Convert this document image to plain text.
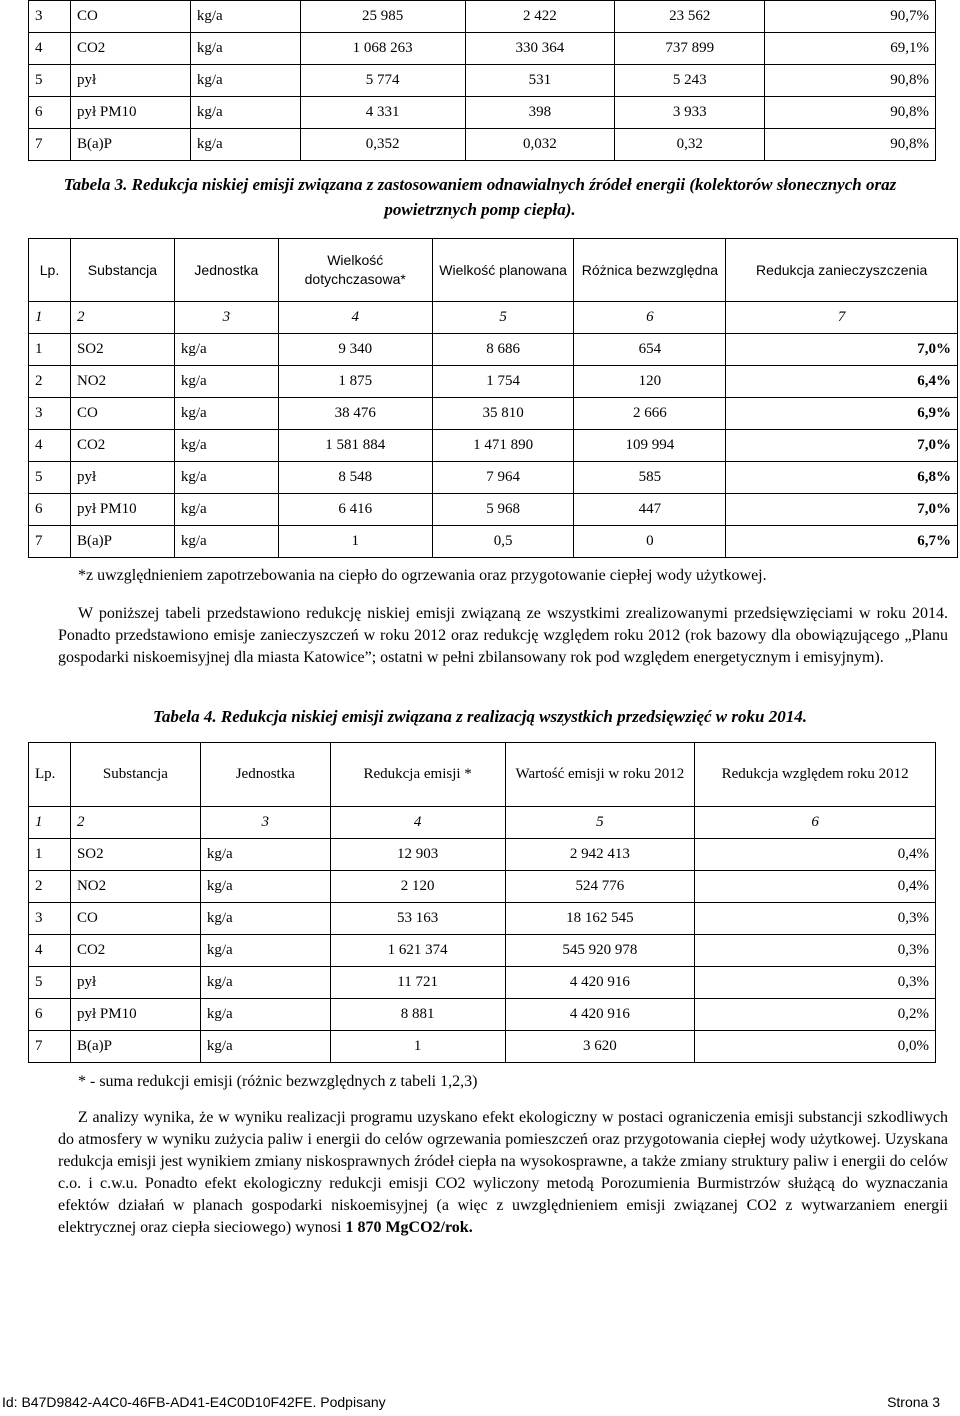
3	CO	kg/a	25 985	2 422	23 562	90,7%
4	CO2	kg/a	1 068 263	330 364	737 899	69,1%
5	pył	kg/a	5 774	531	5 243	90,8%
6	pył PM10	kg/a	4 331	398	3 933	90,8%
7	B(a)P	kg/a	0,352	0,032	0,32	90,8%
Tabela 3. Redukcja niskiej emisji związana z zastosowaniem odnawialnych źródeł energii (kolektorów słonecznych oraz powietrznych pomp ciepła).
Lp.	Substancja	Jednostka	Wielkość dotychczasowa*	Wielkość planowana	Różnica bezwzględna	Redukcja zanieczyszczenia
1	2	3	4	5	6	7
1	SO2	kg/a	9 340	8 686	654	7,0%
2	NO2	kg/a	1 875	1 754	120	6,4%
3	CO	kg/a	38 476	35 810	2 666	6,9%
4	CO2	kg/a	1 581 884	1 471 890	109 994	7,0%
5	pył	kg/a	8 548	7 964	585	6,8%
6	pył PM10	kg/a	6 416	5 968	447	7,0%
7	B(a)P	kg/a	1	0,5	0	6,7%
*z uwzględnieniem zapotrzebowania na ciepło do ogrzewania oraz przygotowanie ciepłej wody użytkowej.
W poniższej tabeli przedstawiono redukcję niskiej emisji związaną ze wszystkimi zrealizowanymi przedsięwzięciami w roku 2014. Ponadto przedstawiono emisje zanieczyszczeń w roku 2012 oraz redukcję względem roku 2012 (rok bazowy dla obowiązującego „Planu gospodarki niskoemisyjnej dla miasta Katowice”; ostatni w pełni zbilansowany rok pod względem energetycznym i emisyjnym).
Tabela 4. Redukcja niskiej emisji związana z realizacją wszystkich przedsięwzięć w roku 2014.
Lp.	Substancja	Jednostka	Redukcja emisji *	Wartość emisji w roku 2012	Redukcja względem roku 2012
1	2	3	4	5	6
1	SO2	kg/a	12 903	2 942 413	0,4%
2	NO2	kg/a	2 120	524 776	0,4%
3	CO	kg/a	53 163	18 162 545	0,3%
4	CO2	kg/a	1 621 374	545 920 978	0,3%
5	pył	kg/a	11 721	4 420 916	0,3%
6	pył PM10	kg/a	8 881	4 420 916	0,2%
7	B(a)P	kg/a	1	3 620	0,0%
* - suma redukcji emisji (różnic bezwzględnych z tabeli 1,2,3)
Z analizy wynika, że w wyniku realizacji programu uzyskano efekt ekologiczny w postaci ograniczenia emisji substancji szkodliwych do atmosfery w wyniku zużycia paliw i energii do celów ogrzewania pomieszczeń oraz przygotowania ciepłej wody użytkowej. Uzyskana redukcja emisji jest wynikiem zmiany niskosprawnych źródeł ciepła na wysokosprawne, a także zmiany struktury paliw i energii do celów c.o. i c.w.u. Ponadto efekt ekologiczny redukcji emisji CO2 wyliczony metodą Porozumienia Burmistrzów służącą do wyznaczania efektów działań w planach gospodarki niskoemisyjnej (a więc z uwzględnieniem emisji związanej CO2 z wytwarzaniem energii elektrycznej oraz ciepła sieciowego) wynosi 1 870 MgCO2/rok.
Id: B47D9842-A4C0-46FB-AD41-E4C0D10F42FE. Podpisany	Strona 3
